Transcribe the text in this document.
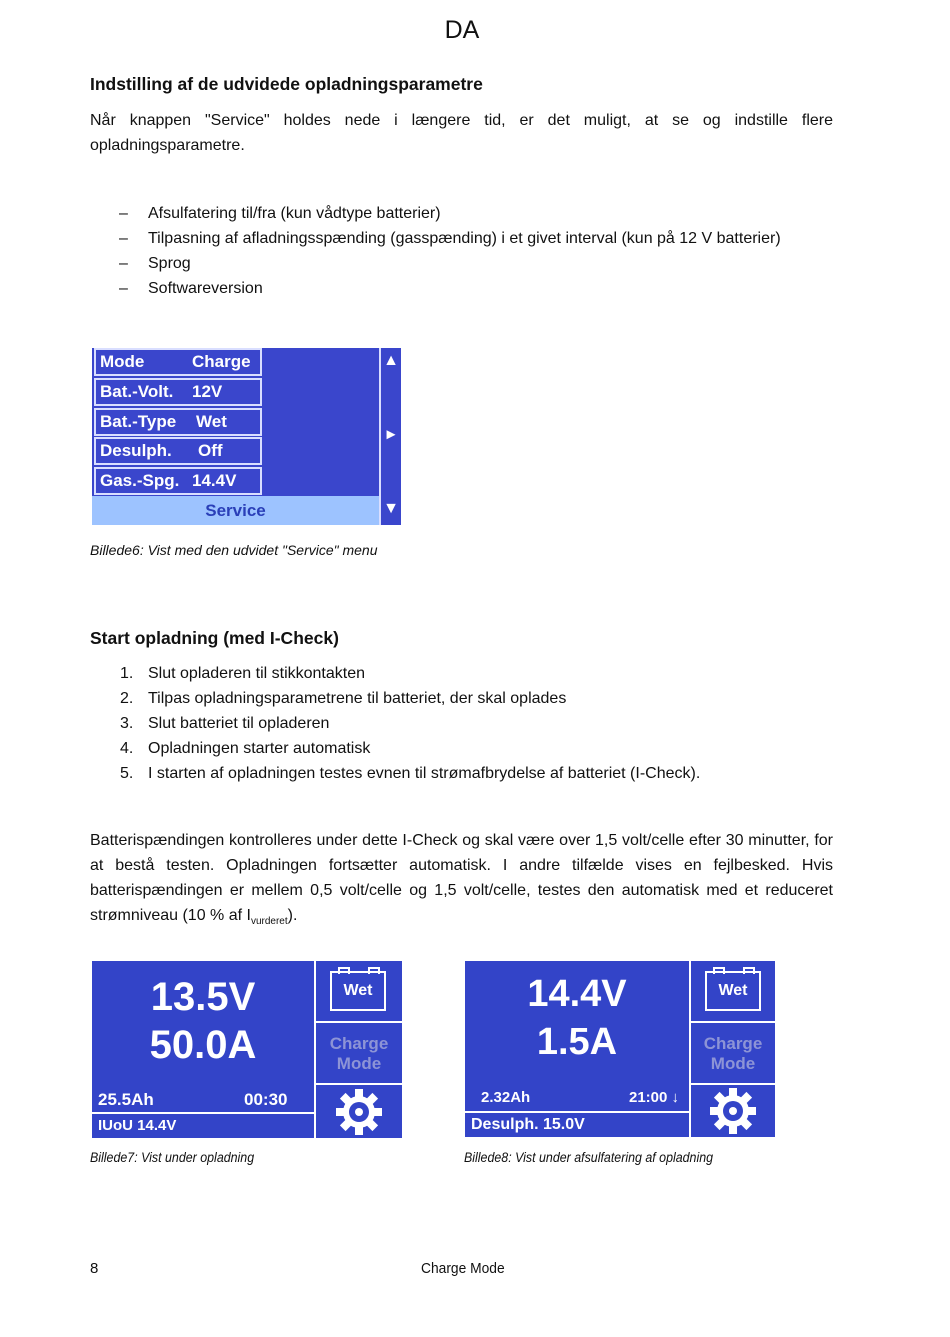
DA
Indstilling af de udvidede opladningsparametre

Når knappen "Service" holdes nede i længere tid, er det muligt, at se og indstille flere opladningsparametre.

– Afsulfatering til/fra (kun vådtype batterier)
– Tilpasning af afladningsspænding (gasspænding) i et givet interval (kun på 12 V batterier)
– Sprog
– Softwareversion
Mode	Charge
Bat.-Volt. 12V
Bat.-Type Wet
Desulph. Off
Gas.-Spg. 14.4V
Service
▲
►
▼
Billede6: Vist med den udvidet "Service" menu
Start opladning (med I-Check)
1. Slut opladeren til stikkontakten
2. Tilpas opladningsparametrene til batteriet, der skal oplades
3. Slut batteriet til opladeren
4. Opladningen starter automatisk
5. I starten af opladningen testes evnen til strømafbrydelse af batteriet (I-Check).

Batterispændingen kontrolleres under dette I-Check og skal være over 1,5 volt/celle efter 30 minutter, for at bestå testen. Opladningen fortsætter automatisk. I andre tilfælde vises en fejlbesked. Hvis batterispændingen er mellem 0,5 volt/celle og 1,5 volt/celle, testes den automatisk med et reduceret strømniveau (10 % af $I_{vurderet}$).

13.5V
50.0A
25.5Ah	00:30
IUoU 14.4V
Wet
Charge
Mode
Billede7: Vist under opladning
14.4V
1.5A
2.32Ah	21:00 ↓
Desulph. 15.0V
Wet
Charge
Mode
Billede8: Vist under afsulfatering af opladning
8	Charge Mode
